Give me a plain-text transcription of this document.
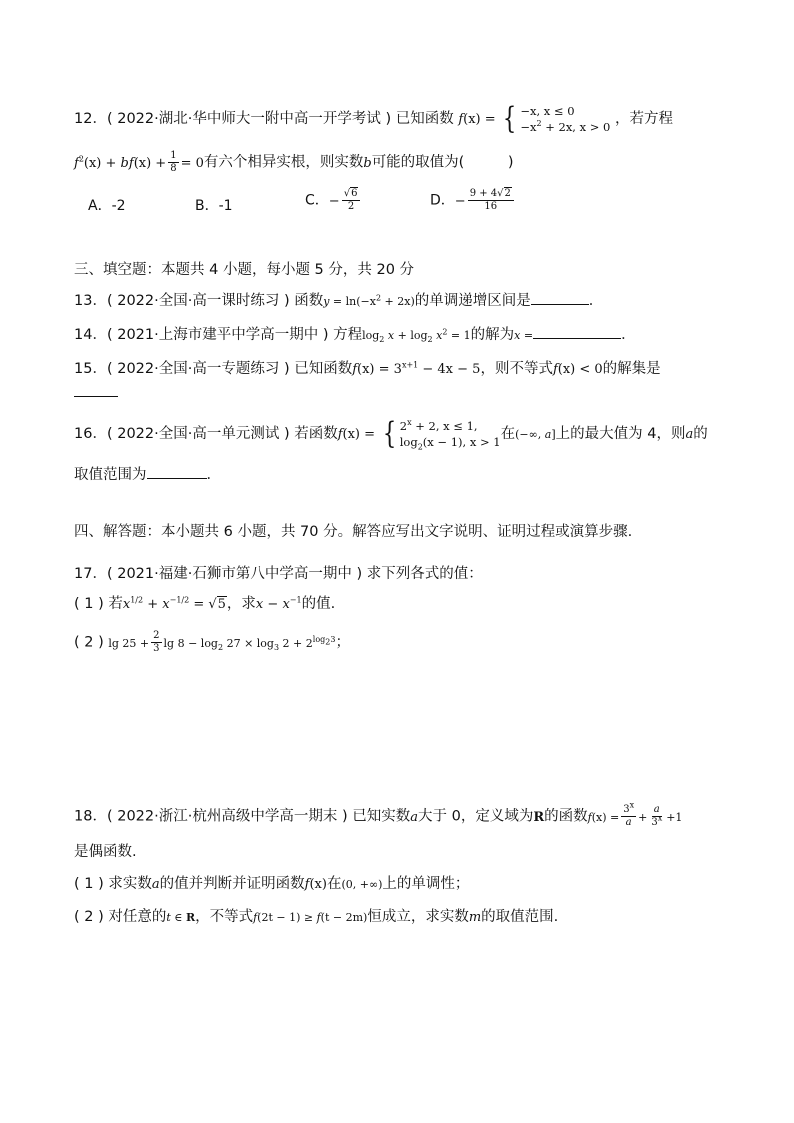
12．( 2022·湖北·华中师大一附中高一开学考试 ) 已知函数 f(x) = { −x, x ≤ 0
$-x^2 + 2x$, x > 0 ，若方程
$f^2(x) + bf(x) + \frac{1}{8} = 0$有六个相异实根，则实数b可能的取值为(　　　)
A．-2	B．-1	C．− $\frac{√6}{2}$	D．− $\frac{9 + 4√2}{16}$
三、填空题：本题共 4 小题，每小题 5 分，共 20 分
13．( 2022·全国·高一课时练习 ) 函数$y = \ln(-x^2 + 2x)$的单调递增区间是	．
14．( 2021·上海市建平中学高一期中 ) 方程$\log_2 x + \log_2 x^2 = 1$的解为x =	．
15．( 2022·全国·高一专题练习 ) 已知函数$f(x) = 3^{x+1} - 4x - 5$，则不等式f(x) < 0的解集是
16．( 2022·全国·高一单元测试 ) 若函数f(x) = { $2^x + 2$, x ≤ 1,
$\log_2(x - 1)$, x > 1 在(−∞, a]上的最大值为 4，则a的
取值范围为	．
四、解答题：本小题共 6 小题，共 70 分。解答应写出文字说明、证明过程或演算步骤.
17．( 2021·福建·石狮市第八中学高一期中 ) 求下列各式的值：
( 1 ) 若$x^{1/2} + x^{-1/2} = √5$，求$x - x^{-1}$的值.
( 2 ) $\lg 25 + \frac{2}{3}$ $\lg 8 - \log_2 27 \times \log_3 2 + 2^{log_23}$；
18．( 2022·浙江·杭州高级中学高一期末 ) 已知实数a大于 0，定义域为R的函数$f(x) = \frac{3^x}{a} + \frac{a}{3^x} +1$
是偶函数.
( 1 ) 求实数a的值并判断并证明函数f(x)在(0, +∞)上的单调性；
( 2 ) 对任意的t ∈ R，不等式f(2t − 1) ≥ f(t − 2m)恒成立，求实数m的取值范围.
